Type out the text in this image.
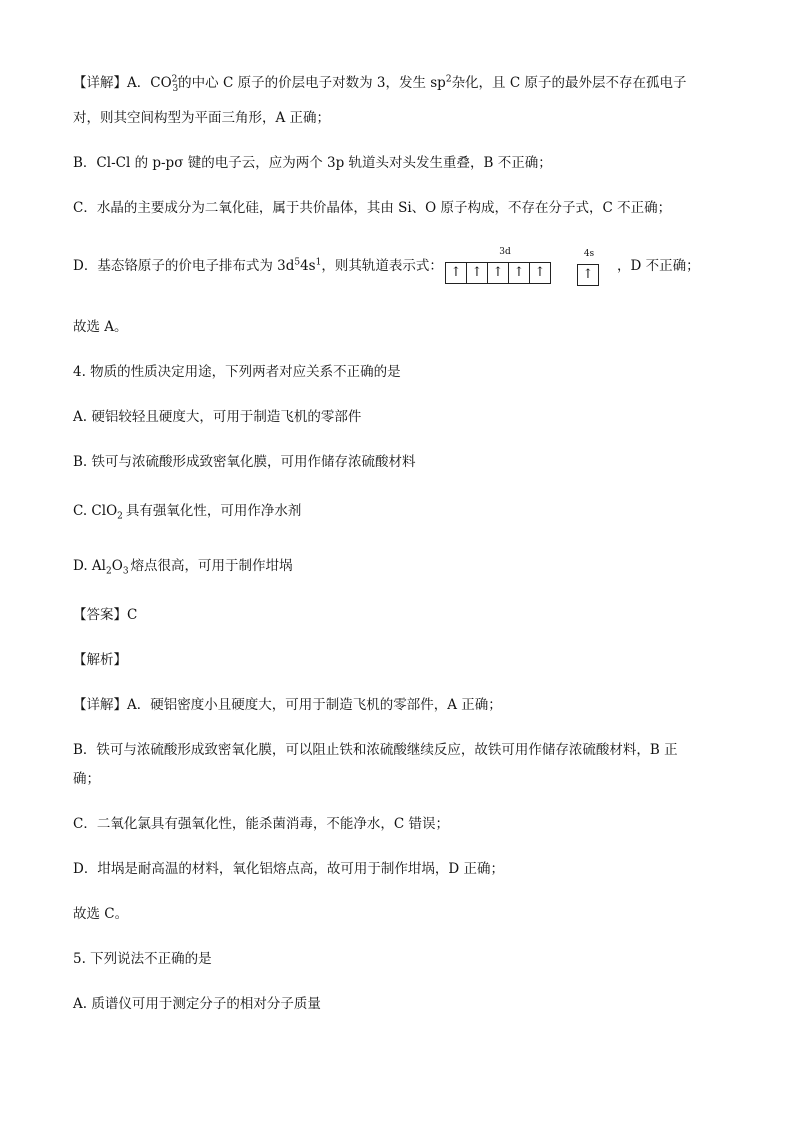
【详解】A．$CO^{2-}_3$的中心 C 原子的价层电子对数为 3，发生 $sp^2$杂化，且 C 原子的最外层不存在孤电子
对，则其空间构型为平面三角形，A 正确；
B．Cl-Cl 的 p-pσ 键的电子云，应为两个 3p 轨道头对头发生重叠，B 不正确；
C．水晶的主要成分为二氧化硅，属于共价晶体，其由 Si、O 原子构成，不存在分子式，C 不正确；
D．基态铬原子的价电子排布式为 $3d^54s^1$，则其轨道表示式：
3d
↑ ↑ ↑ ↑ ↑
4s
↑
，D 不正确；
故选 A。
4. 物质的性质决定用途，下列两者对应关系不正确的是
A. 硬铝较轻且硬度大，可用于制造飞机的零部件
B. 铁可与浓硫酸形成致密氧化膜，可用作储存浓硫酸材料
C. ClO$_2$ 具有强氧化性，可用作净水剂
D. $Al_2O_3$ 熔点很高，可用于制作坩埚
【答案】C
【解析】
【详解】A．硬铝密度小且硬度大，可用于制造飞机的零部件，A 正确；
B．铁可与浓硫酸形成致密氧化膜，可以阻止铁和浓硫酸继续反应，故铁可用作储存浓硫酸材料，B 正
确；
C．二氧化氯具有强氧化性，能杀菌消毒，不能净水，C 错误；
D．坩埚是耐高温的材料，氧化铝熔点高，故可用于制作坩埚，D 正确；
故选 C。
5. 下列说法不正确的是
A. 质谱仪可用于测定分子的相对分子质量
